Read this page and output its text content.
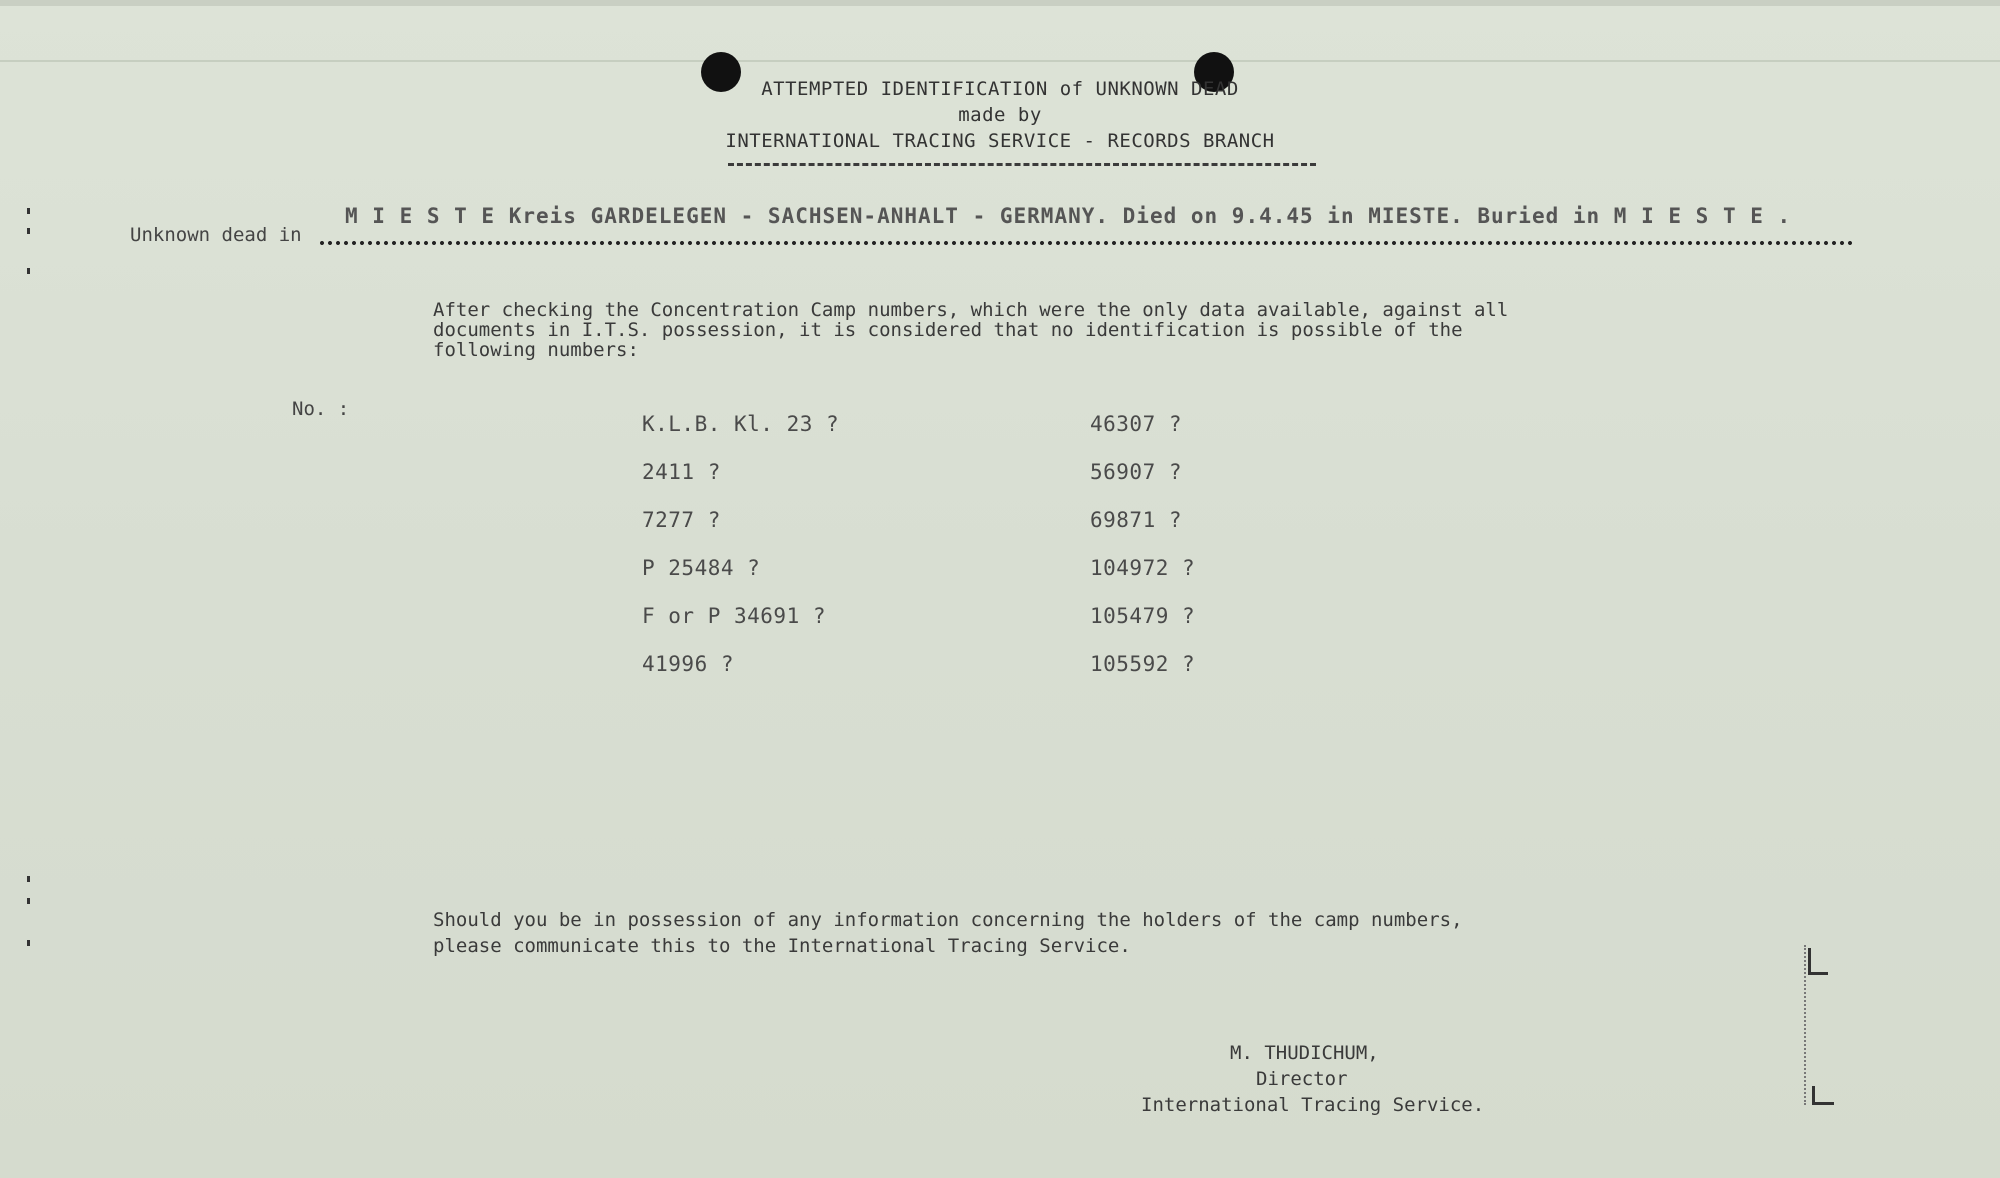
ATTEMPTED IDENTIFICATION of UNKNOWN DEAD
made by
INTERNATIONAL TRACING SERVICE - RECORDS BRANCH
M I E S T E Kreis GARDELEGEN - SACHSEN-ANHALT - GERMANY. Died on 9.4.45 in MIESTE. Buried in M I E S T E .
Unknown dead in
After checking the Concentration Camp numbers, which were the only data available, against all
documents in I.T.S. possession, it is considered that no identification is possible of the
following numbers:
No. :
K.L.B. Kl. 23 ?
2411 ?
7277 ?
P 25484 ?
F or P 34691 ?
41996 ?
46307 ?
56907 ?
69871 ?
104972 ?
105479 ?
105592 ?
Should you be in possession of any information concerning the holders of the camp numbers,
please communicate this to the International Tracing Service.
M. THUDICHUM,
Director
International Tracing Service.
